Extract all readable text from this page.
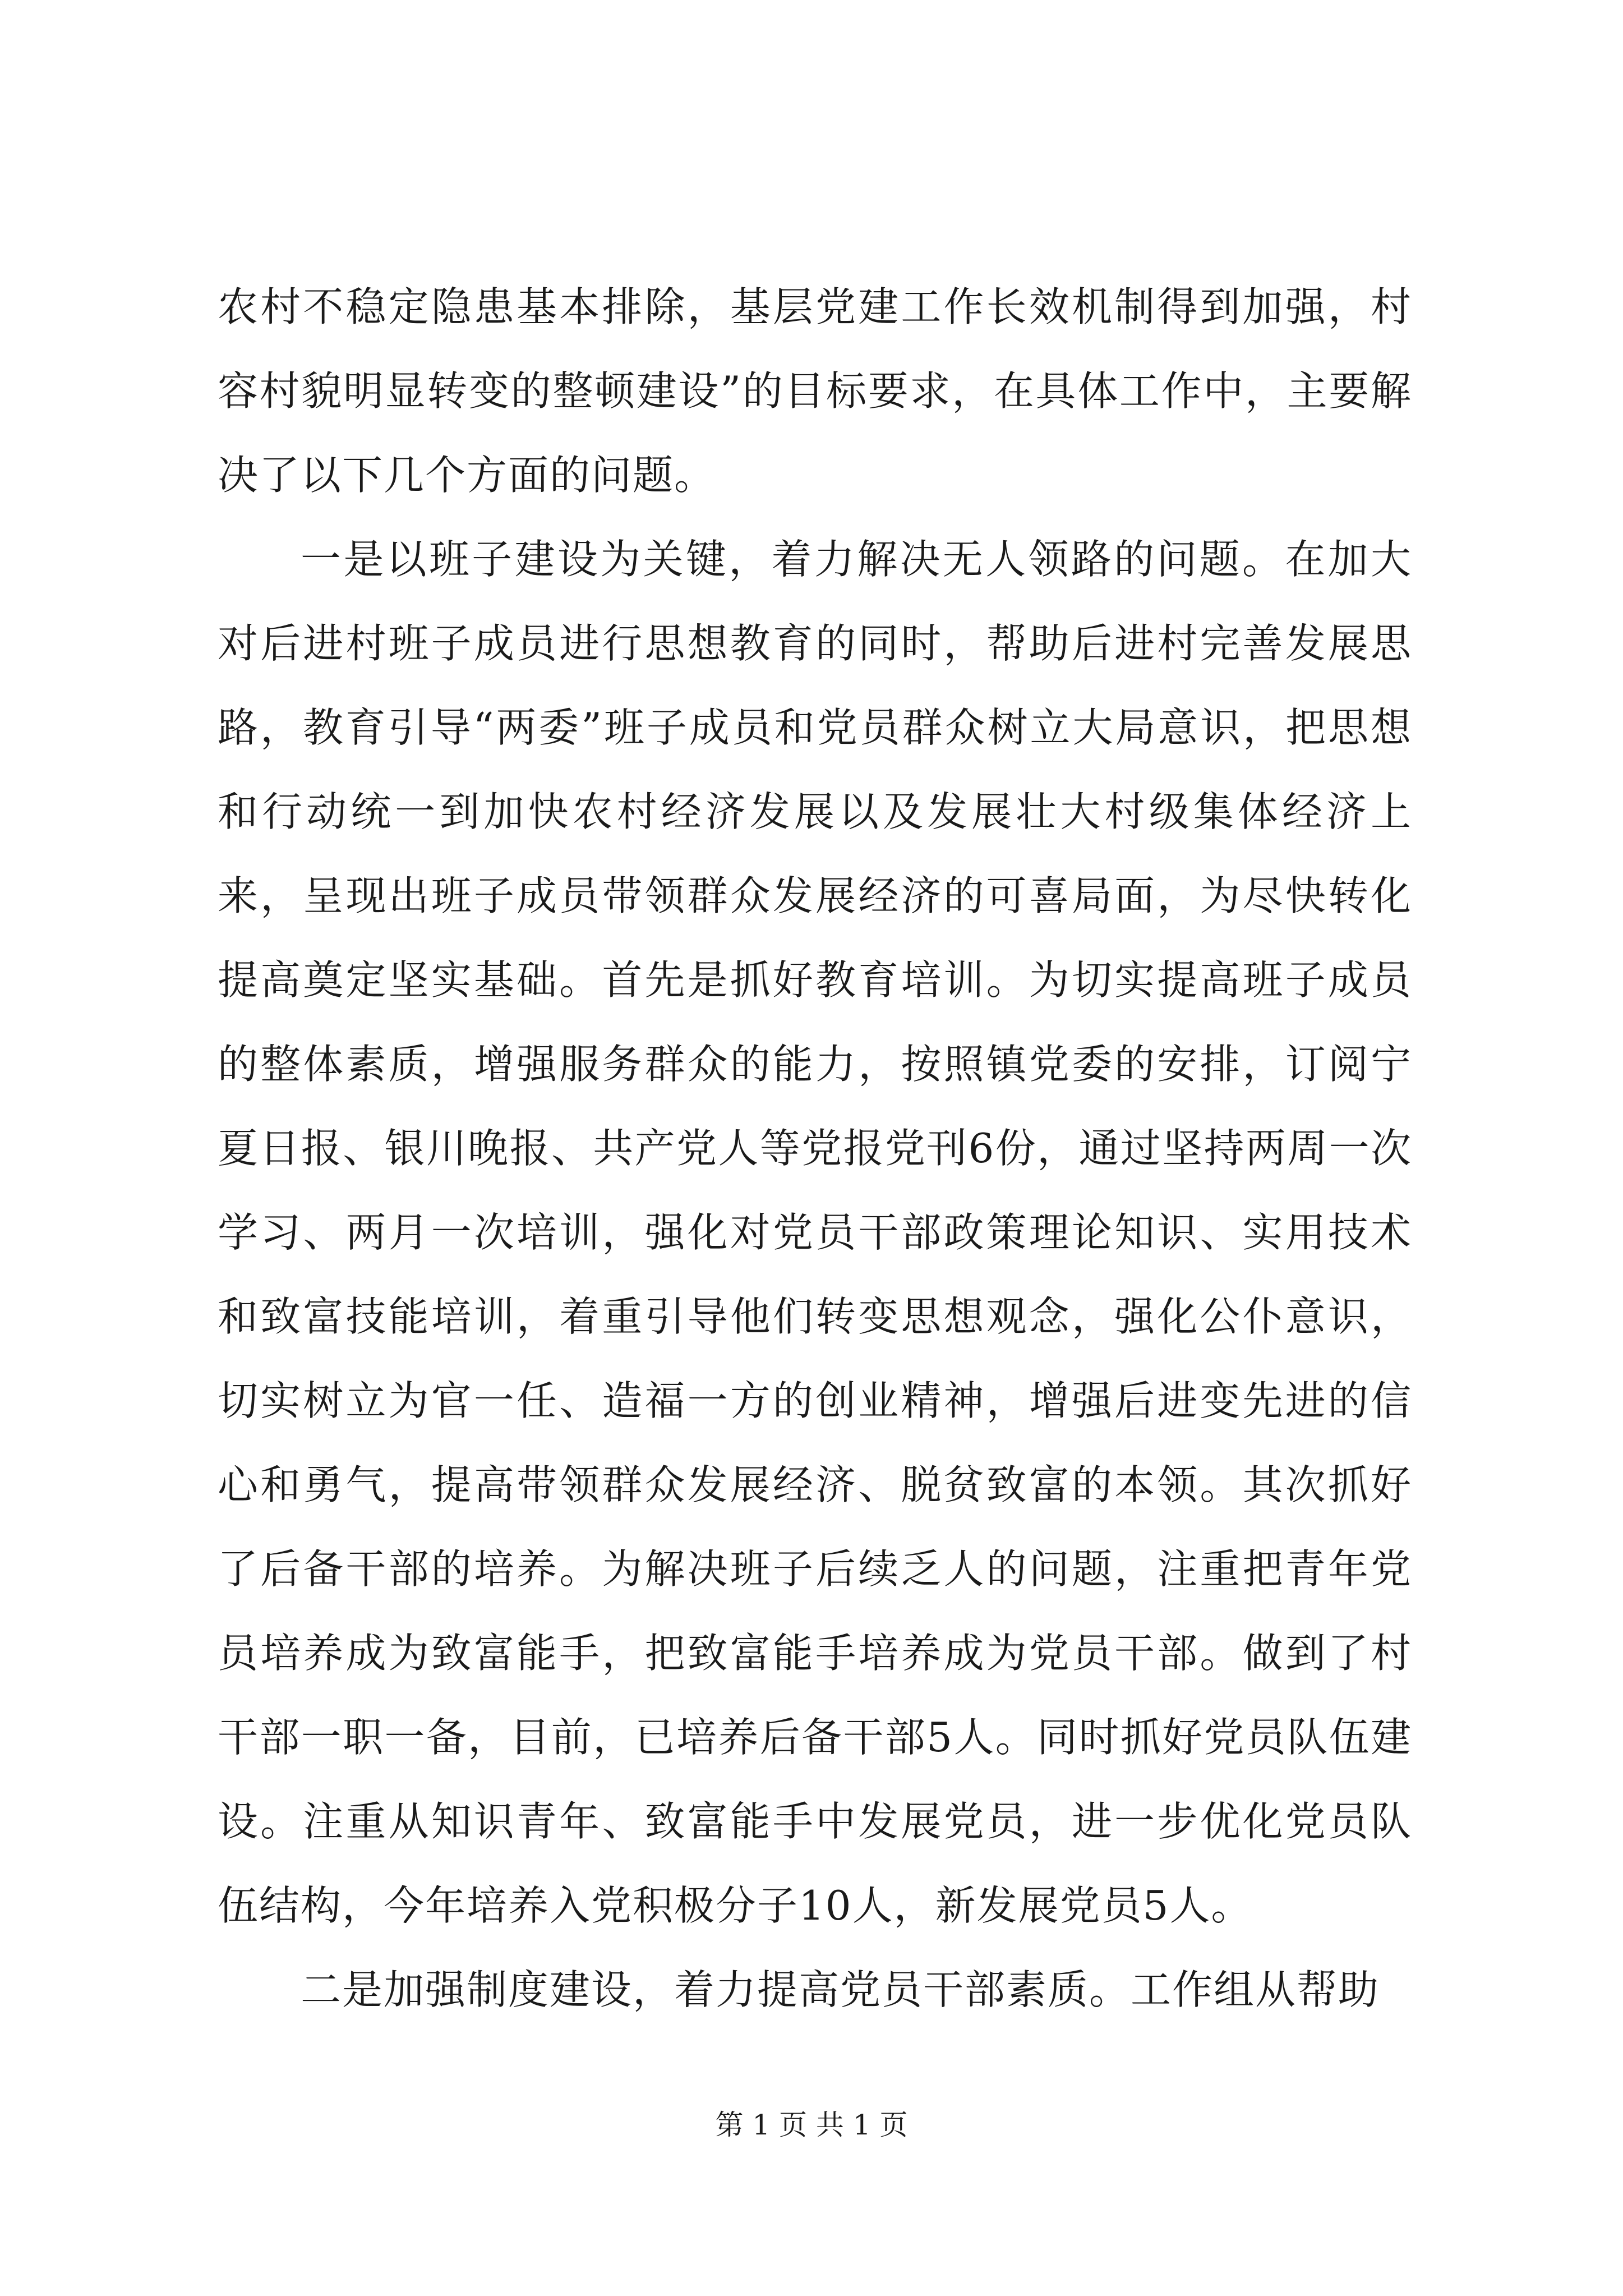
农村不稳定隐患基本排除，基层党建工作长效机制得到加强，村容村貌明显转变的整顿建设”的目标要求，在具体工作中，主要解决了以下几个方面的问题。

一是以班子建设为关键，着力解决无人领路的问题。在加大对后进村班子成员进行思想教育的同时，帮助后进村完善发展思路，教育引导“两委”班子成员和党员群众树立大局意识，把思想和行动统一到加快农村经济发展以及发展壮大村级集体经济上来，呈现出班子成员带领群众发展经济的可喜局面，为尽快转化提高奠定坚实基础。首先是抓好教育培训。为切实提高班子成员的整体素质，增强服务群众的能力，按照镇党委的安排，订阅宁夏日报、银川晚报、共产党人等党报党刊6份，通过坚持两周一次学习、两月一次培训，强化对党员干部政策理论知识、实用技术和致富技能培训，着重引导他们转变思想观念，强化公仆意识，切实树立为官一任、造福一方的创业精神，增强后进变先进的信心和勇气，提高带领群众发展经济、脱贫致富的本领。其次抓好了后备干部的培养。为解决班子后续乏人的问题，注重把青年党员培养成为致富能手，把致富能手培养成为党员干部。做到了村干部一职一备，目前，已培养后备干部5人。同时抓好党员队伍建设。注重从知识青年、致富能手中发展党员，进一步优化党员队伍结构，今年培养入党积极分子10人，新发展党员5人。

二是加强制度建设，着力提高党员干部素质。工作组从帮助

第 1 页 共 1 页
